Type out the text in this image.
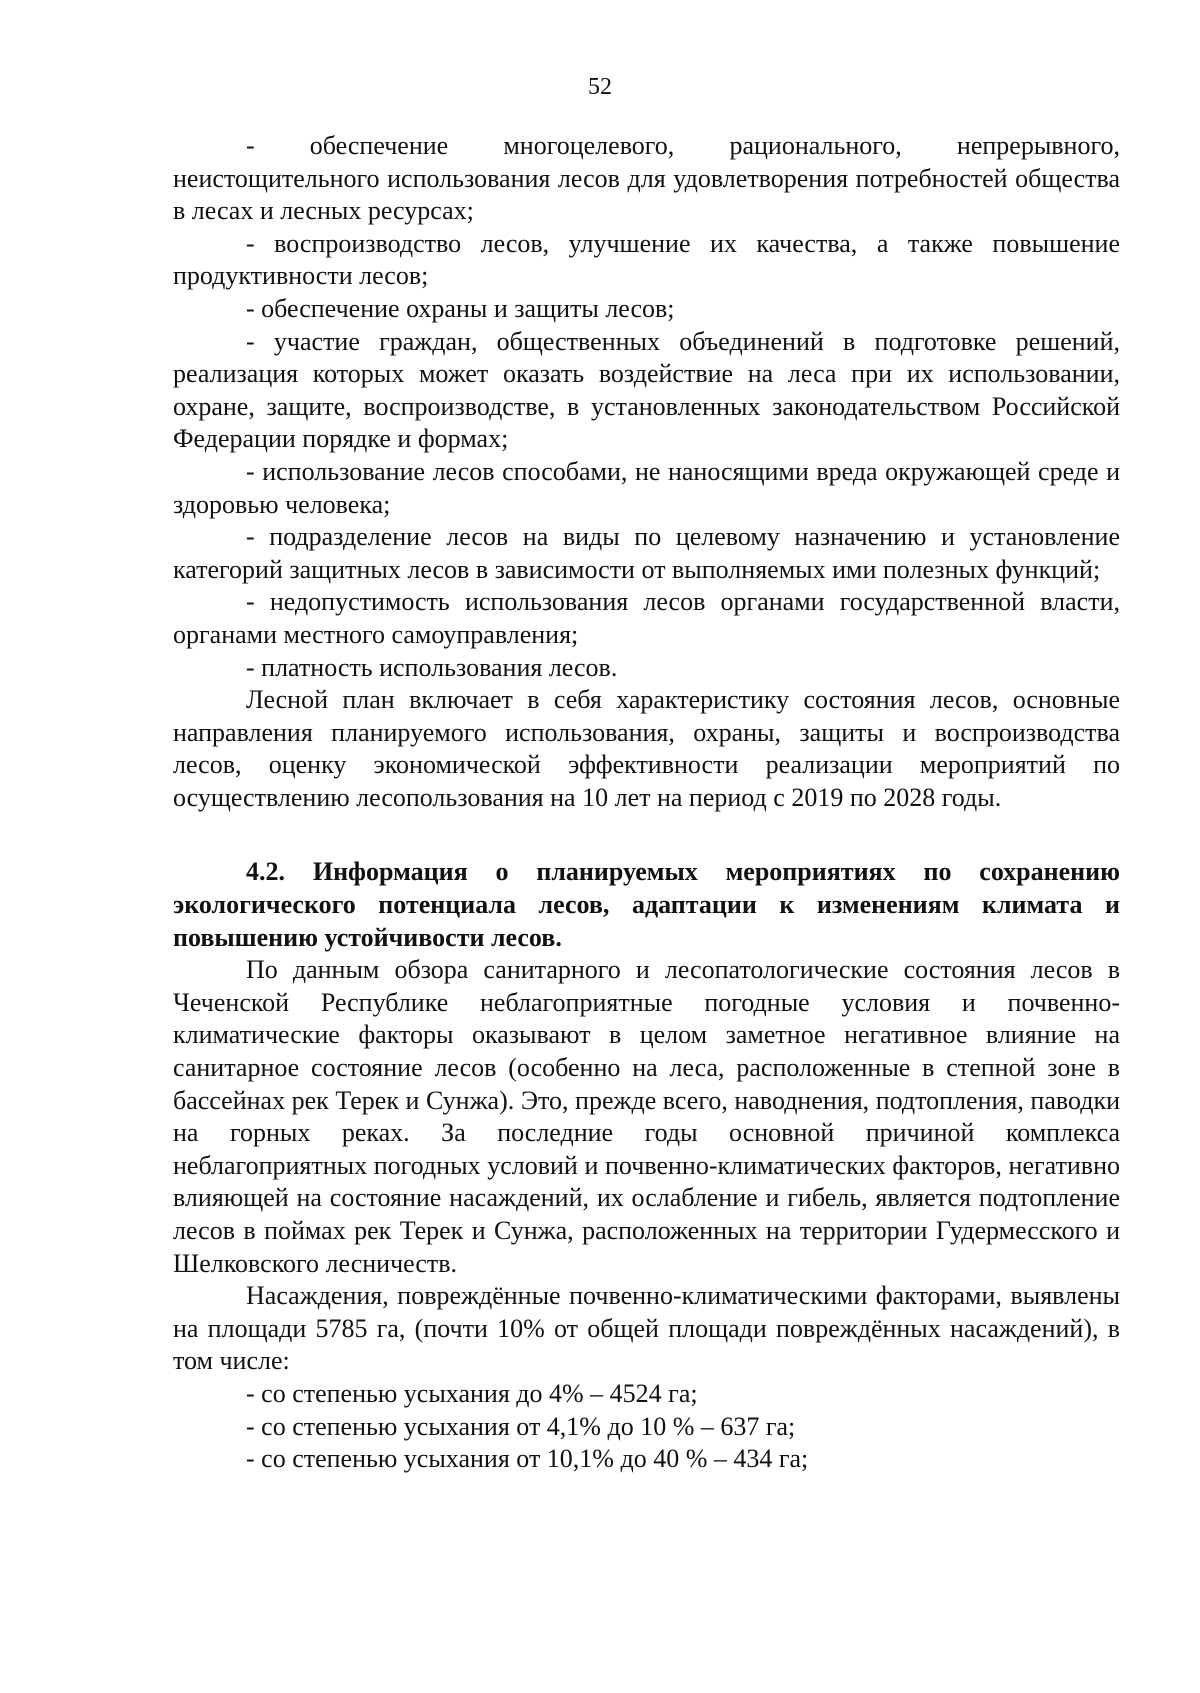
52

- обеспечение многоцелевого, рационального, непрерывного, неистощительного использования лесов для удовлетворения потребностей общества в лесах и лесных ресурсах;

- воспроизводство лесов, улучшение их качества, а также повышение продуктивности лесов;

- обеспечение охраны и защиты лесов;

- участие граждан, общественных объединений в подготовке решений, реализация которых может оказать воздействие на леса при их использовании, охране, защите, воспроизводстве, в установленных законодательством Российской Федерации порядке и формах;

- использование лесов способами, не наносящими вреда окружающей среде и здоровью человека;

- подразделение лесов на виды по целевому назначению и установление категорий защитных лесов в зависимости от выполняемых ими полезных функций;

- недопустимость использования лесов органами государственной власти, органами местного самоуправления;

- платность использования лесов.

Лесной план включает в себя характеристику состояния лесов, основные направления планируемого использования, охраны, защиты и воспроизводства лесов, оценку экономической эффективности реализации мероприятий по осуществлению лесопользования на 10 лет на период с 2019 по 2028 годы.

4.2. Информация о планируемых мероприятиях по сохранению экологического потенциала лесов, адаптации к изменениям климата и повышению устойчивости лесов.

По данным обзора санитарного и лесопатологические состояния лесов в Чеченской Республике неблагоприятные погодные условия и почвенно-климатические факторы оказывают в целом заметное негативное влияние на санитарное состояние лесов (особенно на леса, расположенные в степной зоне в бассейнах рек Терек и Сунжа). Это, прежде всего, наводнения, подтопления, паводки на горных реках. За последние годы основной причиной комплекса неблагоприятных погодных условий и почвенно-климатических факторов, негативно влияющей на состояние насаждений, их ослабление и гибель, является подтопление лесов в поймах рек Терек и Сунжа, расположенных на территории Гудермесского и Шелковского лесничеств.

Насаждения, повреждённые почвенно-климатическими факторами, выявлены на площади 5785 га, (почти 10% от общей площади повреждённых насаждений), в том числе:

- со степенью усыхания до 4% – 4524 га;

- со степенью усыхания от 4,1% до 10 % – 637 га;

- со степенью усыхания от 10,1% до 40 % – 434 га;
